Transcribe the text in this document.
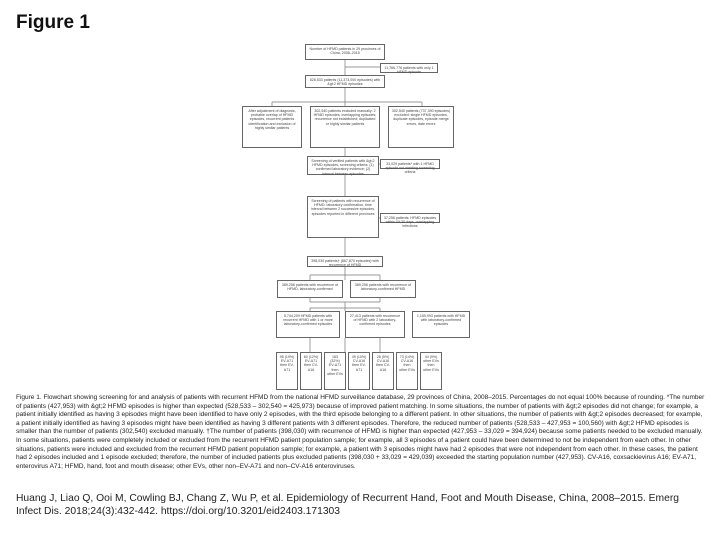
Figure 1
Number of HFMD patients in 29 provinces of China, 2008–2015
11,766,776 patients with only 1 HFMD episode
528,533 patients (11,373,000 episodes) with &gt;2 HFMD episodes
After adjustment of diagnosis, probable overlap of HFMD episodes, recurrent patients identification and exclusion of highly similar patients
302,540 patients excluded manually: 2 HFMD episodes; overlapping episodes; recurrence not established; duplicated or highly similar patients
302,540 patients (737,390 episodes) excluded: single HFMD episodes, duplicate episodes, episode merge errors, date errors
Screening of verified patients with &gt;2 HFMD episodes, screening criteria: (1) confirmed laboratory evidence; (2) interval between episodes
33,029 patients* with 1 HFMD episode not meeting screening criteria
Screening of patients with recurrence of HFMD: laboratory confirmation, time interval between 2 successive episodes, episodes reported in different provinces
37,256 patients: HFMD episodes within &lt;30 days, overlapping infections
398,030 patients† (867,870 episodes) with recurrence of HFMD
389,256 patients with recurrence of HFMD, laboratory-confirmed
389,256 patients with recurrence of laboratory-confirmed HFMD
5,744,209 HFMD patients with recurrent HFMD with 1 or more laboratory-confirmed episodes
27,413 patients with recurrence of HFMD with 2 laboratory-confirmed episodes
1,159,993 patients with HFMD with laboratory-confirmed episodes
95 (19%) EV-A71 then EV-A71
60 (12%) EV-A71 then CV-A16
163 (32%) EV-A71 then other EVs
49 (10%) CV-A16 then EV-A71
28 (5%) CV-A16 then CV-A16
73 (14%) CV-A16 then other EVs
44 (9%) other EVs then other EVs

Figure 1. Flowchart showing screening for and analysis of patients with recurrent HFMD from the national HFMD surveillance database, 29 provinces of China, 2008–2015. Percentages do not equal 100% because of rounding. *The number of patients (427,953) with &gt;2 HFMD episodes is higher than expected (528,533 – 302,540 = 425,973) because of improved patient matching. In some situations, the number of patients with &gt;2 episodes did not change; for example, a patient initially identified as having 3 episodes might have been identified to have only 2 episodes, with the third episode belonging to a different patient. In other situations, the number of patients with &gt;2 episodes decreased; for example, a patient initially identified as having 3 episodes might have been identified as having 3 different patients with 3 different episodes. Therefore, the reduced number of patients (528,533 – 427,953 = 100,560) with &gt;2 HFMD episodes is smaller than the number of patients (302,540) excluded manually. †The number of patients (398,030) with recurrence of HFMD is higher than expected (427,953 – 33,029 = 394,924) because some patients needed to be excluded manually. In some situations, patients were completely included or excluded from the recurrent HFMD patient population sample; for example, all 3 episodes of a patient could have been determined to not be independent from each other. In other situations, patients were included and excluded from the recurrent HFMD patient population sample; for example, a patient with 3 episodes might have had 2 episodes that were not independent from each other. In these cases, the patient had 2 episodes included and 1 episode excluded; therefore, the number of included patients plus excluded patients (398,030 + 33,029 = 429,039) exceeded the starting population number (427,953). CV-A16, coxsackievirus A16; EV-A71, enterovirus A71; HFMD, hand, foot and mouth disease; other EVs, other non–EV-A71 and non–CV-A16 enteroviruses.

Huang J, Liao Q, Ooi M, Cowling BJ, Chang Z, Wu P, et al. Epidemiology of Recurrent Hand, Foot and Mouth Disease, China, 2008–2015. Emerg Infect Dis. 2018;24(3):432-442. https://doi.org/10.3201/eid2403.171303
